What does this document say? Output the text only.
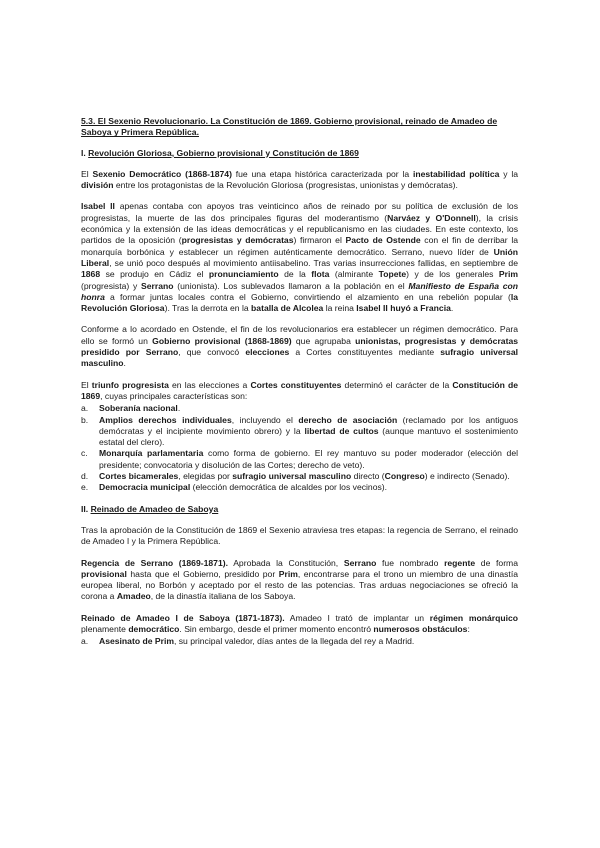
5.3. El Sexenio Revolucionario. La Constitución de 1869. Gobierno provisional, reinado de Amadeo de Saboya y Primera República.
I. Revolución Gloriosa, Gobierno provisional y Constitución de 1869

El Sexenio Democrático (1868-1874) fue una etapa histórica caracterizada por la inestabilidad política y la división entre los protagonistas de la Revolución Gloriosa (progresistas, unionistas y demócratas).

Isabel II apenas contaba con apoyos tras veinticinco años de reinado por su política de exclusión de los progresistas, la muerte de las dos principales figuras del moderantismo (Narváez y O'Donnell), la crisis económica y la extensión de las ideas democráticas y el republicanismo en las ciudades. En este contexto, los partidos de la oposición (progresistas y demócratas) firmaron el Pacto de Ostende con el fin de derribar la monarquía borbónica y establecer un régimen auténticamente democrático. Serrano, nuevo líder de Unión Liberal, se unió poco después al movimiento antiisabelino. Tras varias insurrecciones fallidas, en septiembre de 1868 se produjo en Cádiz el pronunciamiento de la flota (almirante Topete) y de los generales Prim (progresista) y Serrano (unionista). Los sublevados llamaron a la población en el Manifiesto de España con honra a formar juntas locales contra el Gobierno, convirtiendo el alzamiento en una rebelión popular (la Revolución Gloriosa). Tras la derrota en la batalla de Alcolea la reina Isabel II huyó a Francia.

Conforme a lo acordado en Ostende, el fin de los revolucionarios era establecer un régimen democrático. Para ello se formó un Gobierno provisional (1868-1869) que agrupaba unionistas, progresistas y demócratas presidido por Serrano, que convocó elecciones a Cortes constituyentes mediante sufragio universal masculino.

El triunfo progresista en las elecciones a Cortes constituyentes determinó el carácter de la Constitución de 1869, cuyas principales características son:

a. Soberanía nacional.
b. Amplios derechos individuales, incluyendo el derecho de asociación (reclamado por los antiguos demócratas y el incipiente movimiento obrero) y la libertad de cultos (aunque mantuvo el sostenimiento estatal del clero).
c. Monarquía parlamentaria como forma de gobierno. El rey mantuvo su poder moderador (elección del presidente; convocatoria y disolución de las Cortes; derecho de veto).
d. Cortes bicamerales, elegidas por sufragio universal masculino directo (Congreso) e indirecto (Senado).
e. Democracia municipal (elección democrática de alcaldes por los vecinos).
II. Reinado de Amadeo de Saboya

Tras la aprobación de la Constitución de 1869 el Sexenio atraviesa tres etapas: la regencia de Serrano, el reinado de Amadeo I y la Primera República.

Regencia de Serrano (1869-1871). Aprobada la Constitución, Serrano fue nombrado regente de forma provisional hasta que el Gobierno, presidido por Prim, encontrarse para el trono un miembro de una dinastía europea liberal, no Borbón y aceptado por el resto de las potencias. Tras arduas negociaciones se ofreció la corona a Amadeo, de la dinastía italiana de los Saboya.

Reinado de Amadeo I de Saboya (1871-1873). Amadeo I trató de implantar un régimen monárquico plenamente democrático. Sin embargo, desde el primer momento encontró numerosos obstáculos:

a. Asesinato de Prim, su principal valedor, días antes de la llegada del rey a Madrid.
